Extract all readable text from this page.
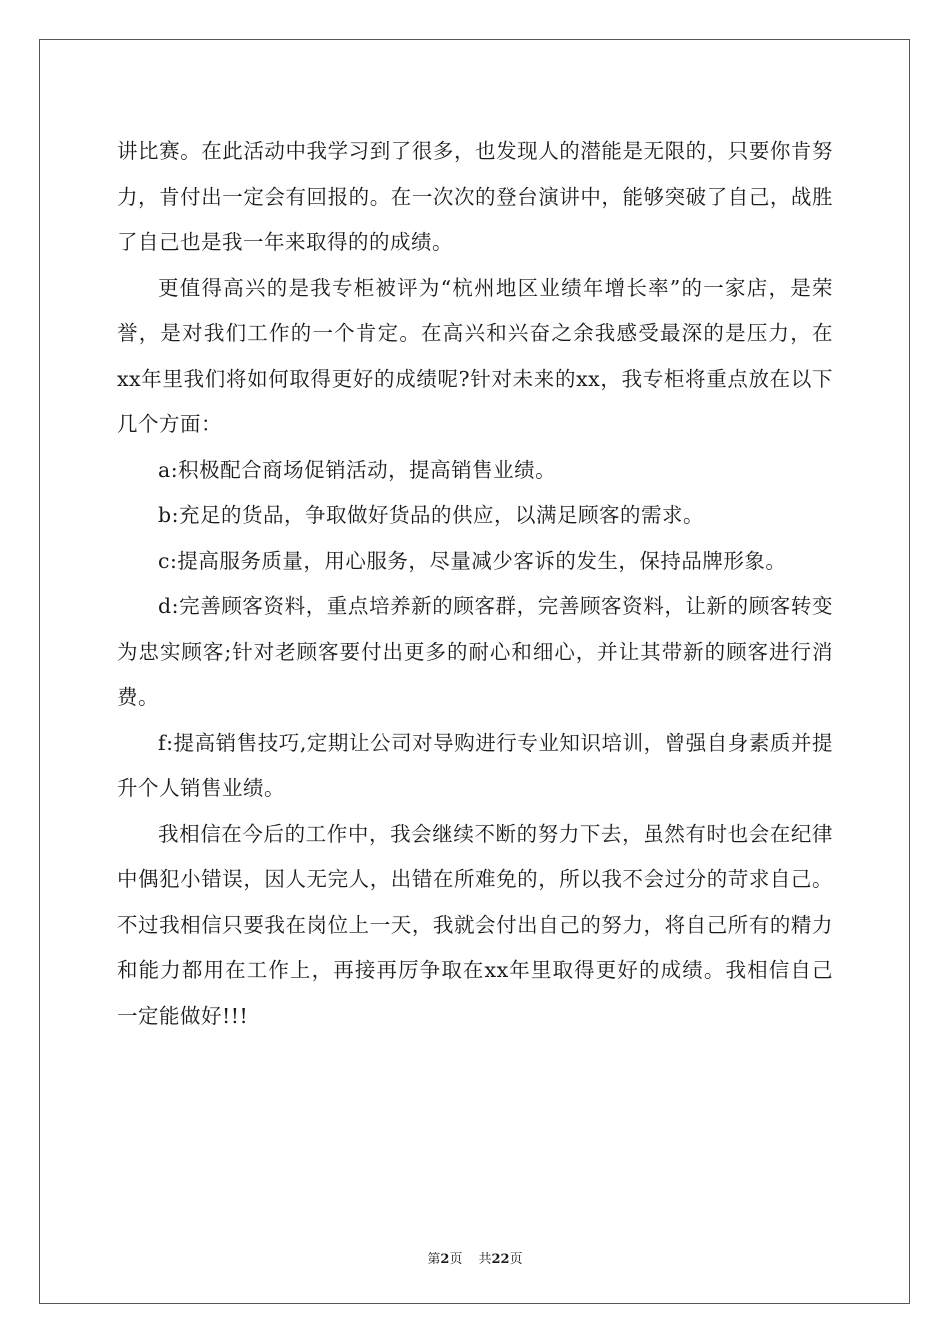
讲比赛。在此活动中我学习到了很多，也发现人的潜能是无限的，只要你肯努力，肯付出一定会有回报的。在一次次的登台演讲中，能够突破了自己，战胜了自己也是我一年来取得的的成绩。

更值得高兴的是我专柜被评为“杭州地区业绩年增长率”的一家店，是荣誉，是对我们工作的一个肯定。在高兴和兴奋之余我感受最深的是压力，在xx年里我们将如何取得更好的成绩呢?针对未来的xx，我专柜将重点放在以下几个方面：

a:积极配合商场促销活动，提高销售业绩。

b:充足的货品，争取做好货品的供应，以满足顾客的需求。

c:提高服务质量，用心服务，尽量减少客诉的发生，保持品牌形象。

d:完善顾客资料，重点培养新的顾客群，完善顾客资料，让新的顾客转变为忠实顾客;针对老顾客要付出更多的耐心和细心，并让其带新的顾客进行消费。

f:提高销售技巧,定期让公司对导购进行专业知识培训，曾强自身素质并提升个人销售业绩。

我相信在今后的工作中，我会继续不断的努力下去，虽然有时也会在纪律中偶犯小错误，因人无完人，出错在所难免的，所以我不会过分的苛求自己。不过我相信只要我在岗位上一天，我就会付出自己的努力，将自己所有的精力和能力都用在工作上，再接再厉争取在xx年里取得更好的成绩。我相信自己一定能做好!!!

第2页 共22页
